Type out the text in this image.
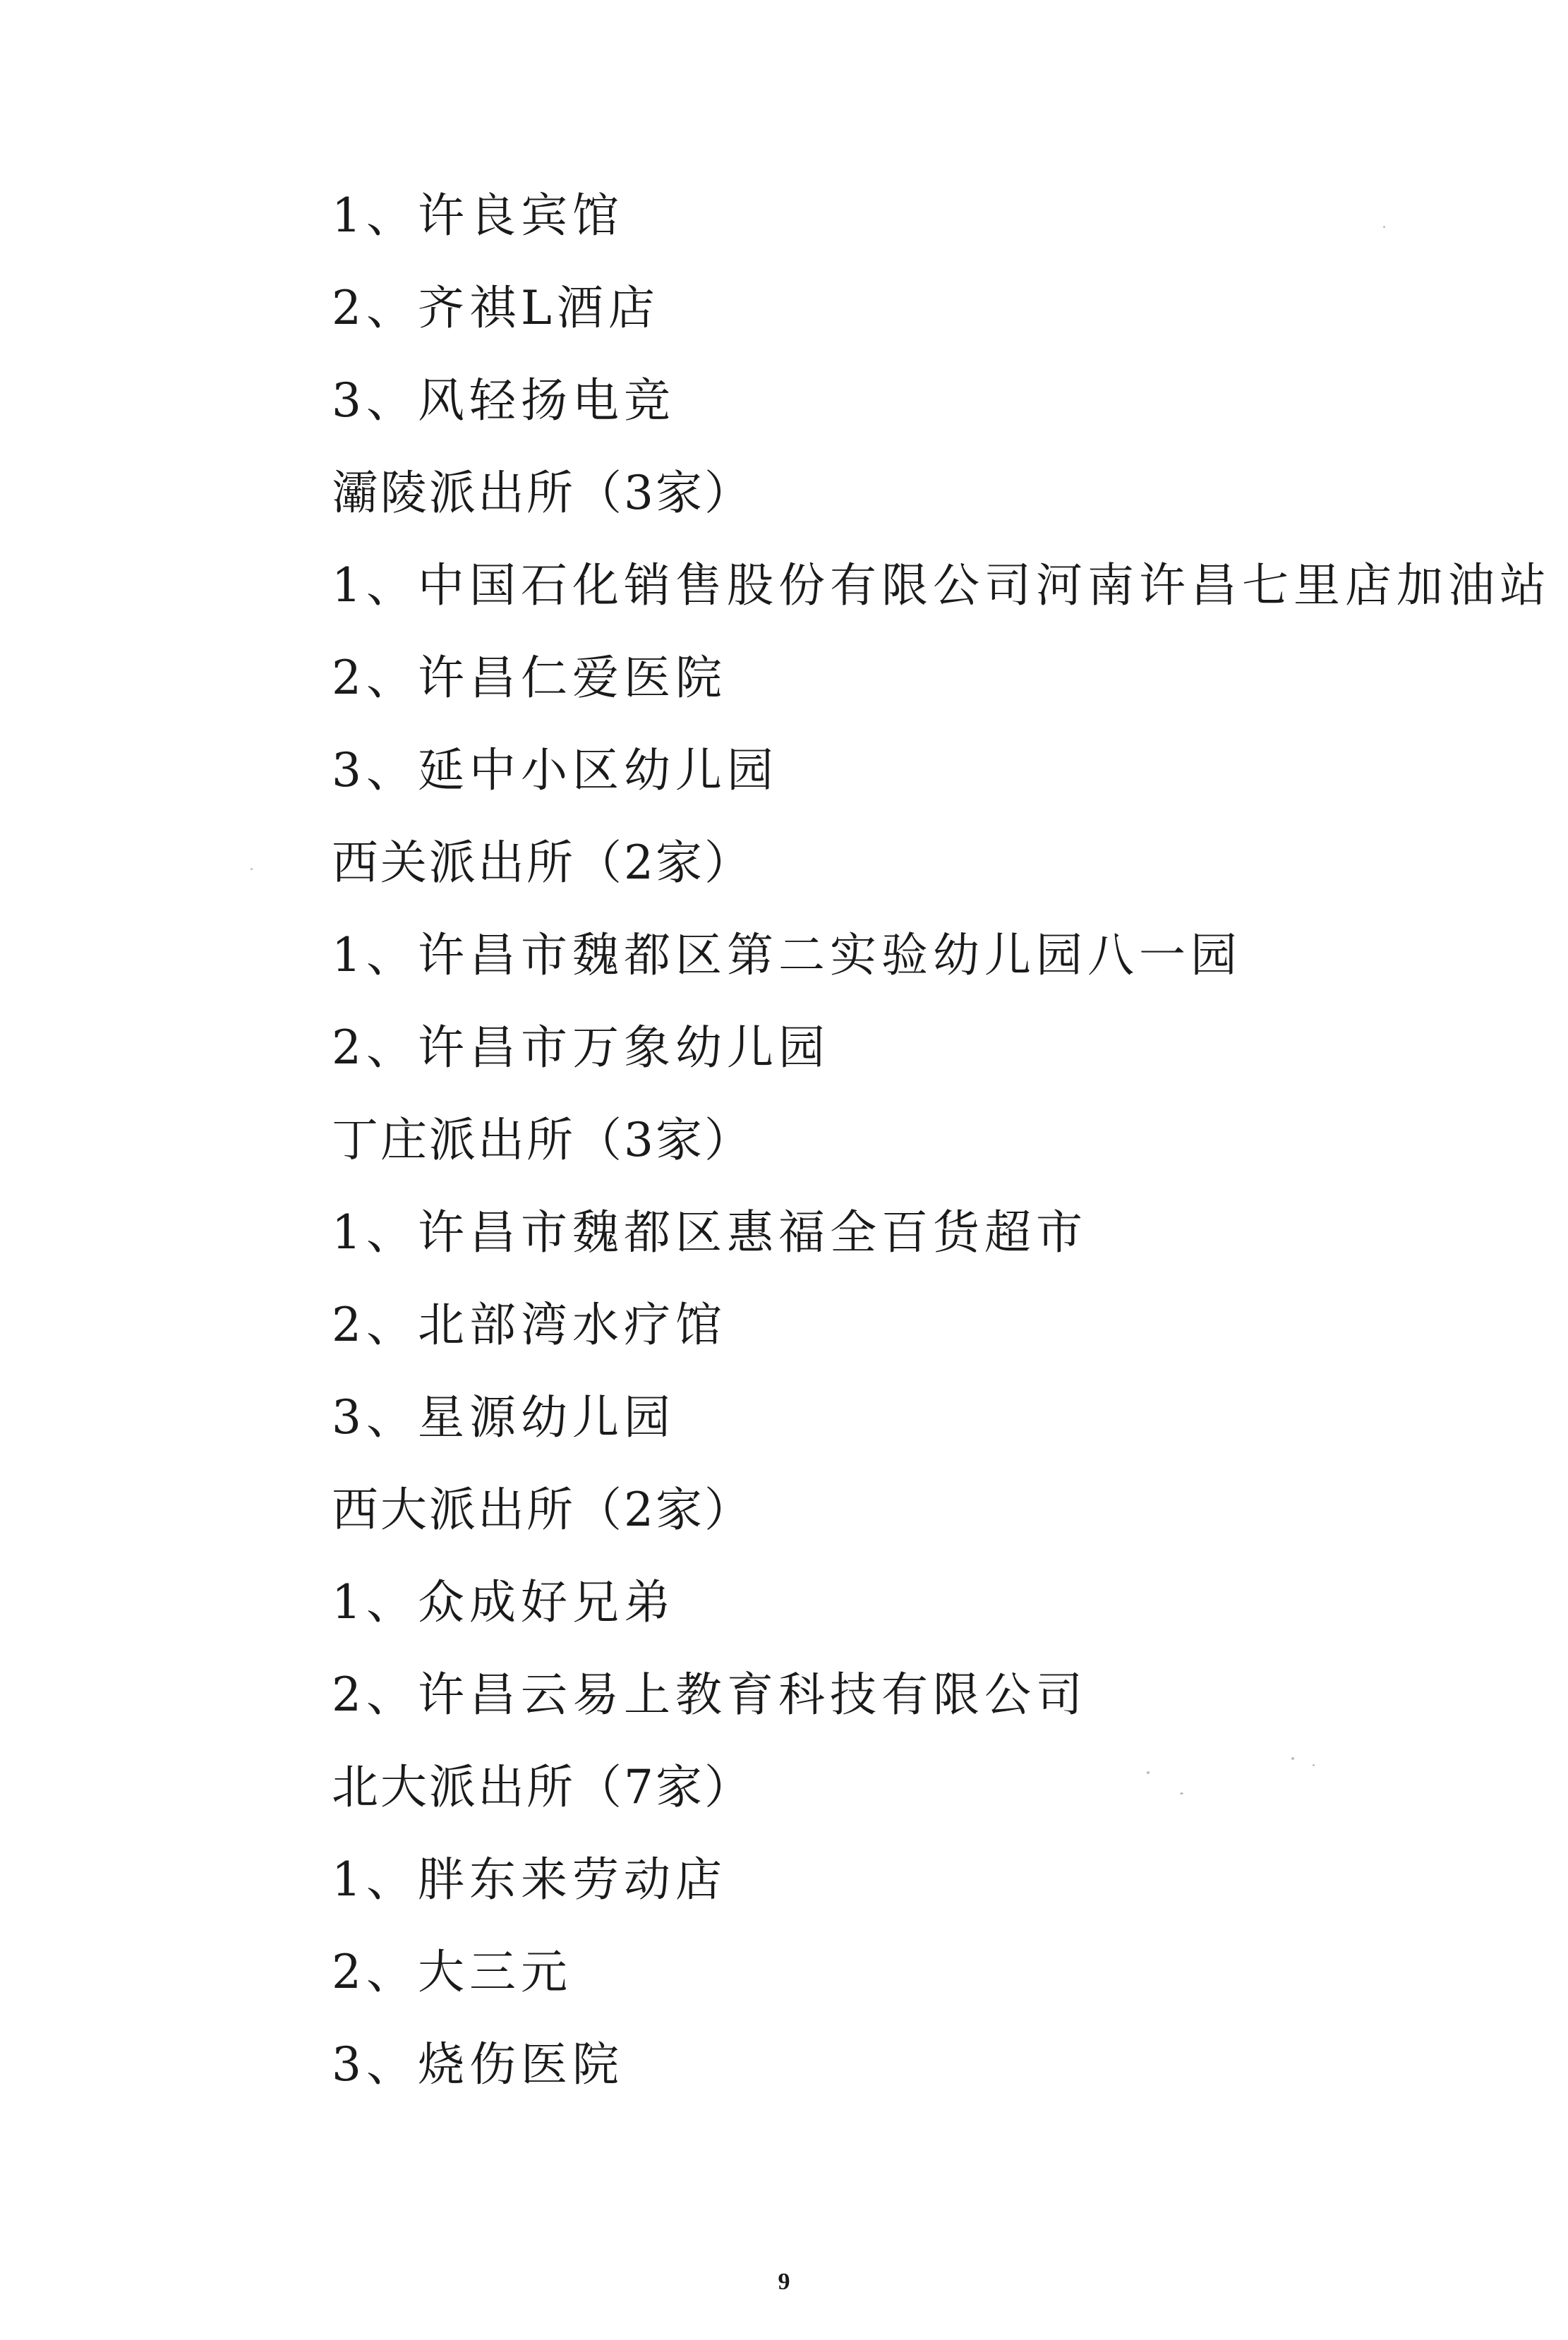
1、许良宾馆
2、齐祺L酒店
3、风轻扬电竞
灞陵派出所（3家）
1、中国石化销售股份有限公司河南许昌七里店加油站
2、许昌仁爱医院
3、延中小区幼儿园
西关派出所（2家）
1、许昌市魏都区第二实验幼儿园八一园
2、许昌市万象幼儿园
丁庄派出所（3家）
1、许昌市魏都区惠福全百货超市
2、北部湾水疗馆
3、星源幼儿园
西大派出所（2家）
1、众成好兄弟
2、许昌云易上教育科技有限公司
北大派出所（7家）
1、胖东来劳动店
2、大三元
3、烧伤医院
9
